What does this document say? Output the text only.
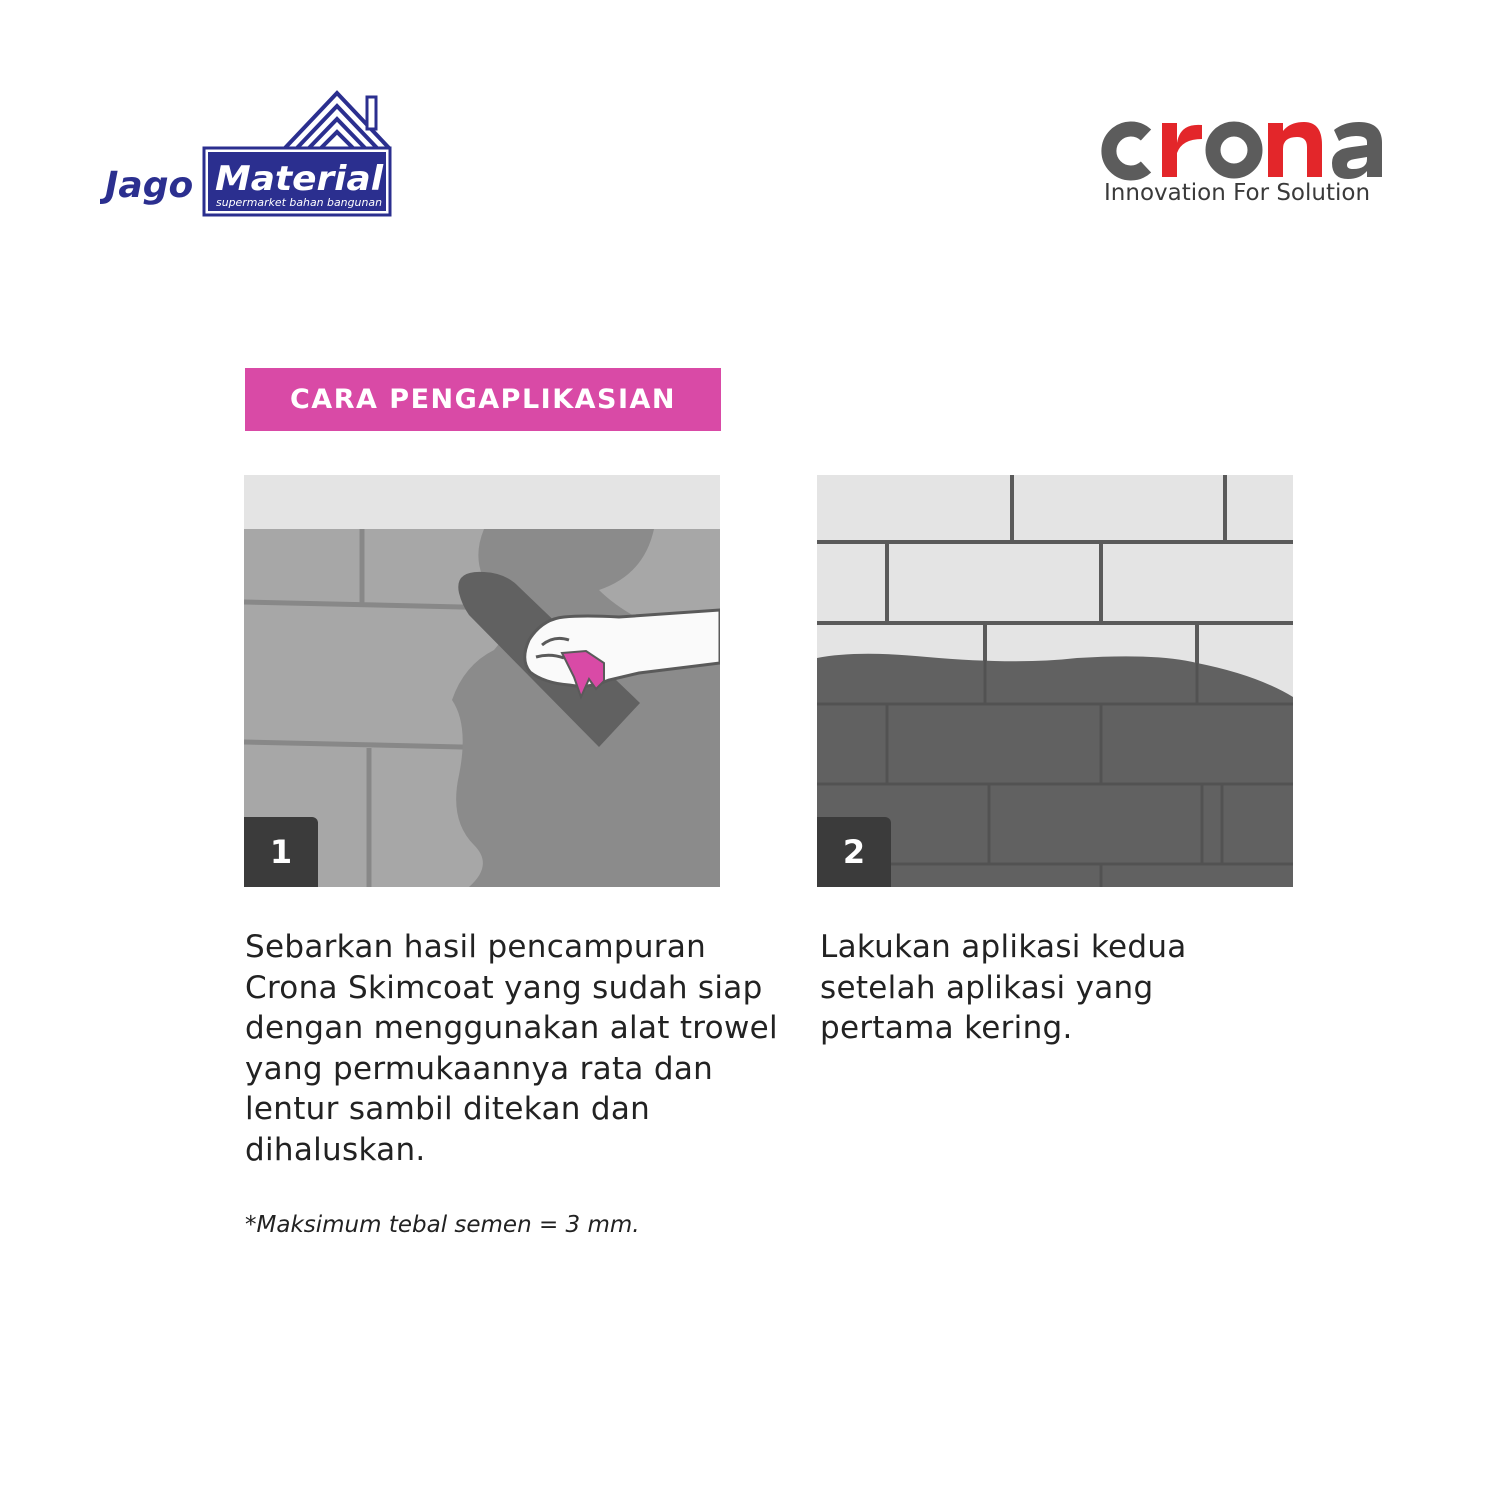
Jago Material
supermarket bahan bangunan	Innovation For Solution
CARA PENGAPLIKASIAN
1	2
Sebarkan hasil pencampuran Crona Skimcoat yang sudah siap dengan menggunakan alat trowel yang permukaannya rata dan lentur sambil ditekan dan dihaluskan.
*Maksimum tebal semen = 3 mm.
Lakukan aplikasi kedua setelah aplikasi yang pertama kering.
